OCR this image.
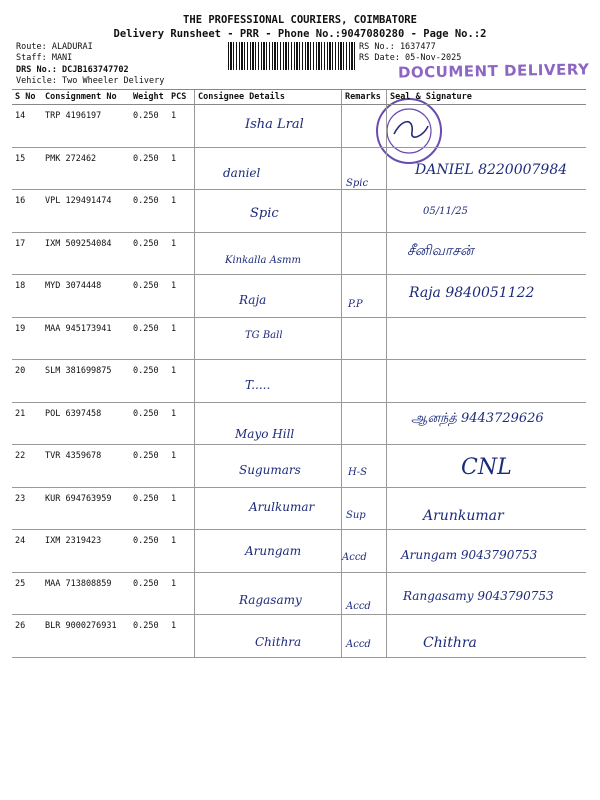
THE PROFESSIONAL COURIERS, COIMBATORE
Delivery Runsheet - PRR - Phone No.:9047080280 - Page No.:2
Route: ALADURAI
Staff: MANI
DRS No.: DCJB163747702
Vehicle: Two Wheeler Delivery
RS No.: 1637477
RS Date: 05-Nov-2025
DOCUMENT DELIVERY
S No	Consignment No	Weight	PCS	Consignee Details	Remarks	Seal & Signature
14	TRP 4196197	0.250	1	Isha Lral		

15	PMK 272462	0.250	1	daniel	Spic	DANIEL 8220007984

16	VPL 129491474	0.250	1	Spic		05/11/25

17	IXM 509254084	0.250	1	Kinkalla Asmm		சீனிவாசன்

18	MYD 3074448	0.250	1	Raja	P.P	Raja 9840051122

19	MAA 945173941	0.250	1	TG Ball		

20	SLM 381699875	0.250	1	T.....		

21	POL 6397458	0.250	1	Mayo Hill		ஆனந்த் 9443729626

22	TVR 4359678	0.250	1	Sugumars	H-S	CNL

23	KUR 694763959	0.250	1	Arulkumar	Sup	Arunkumar

24	IXM 2319423	0.250	1	Arungam	Accd	Arungam 9043790753

25	MAA 713808859	0.250	1	Ragasamy	Accd	Rangasamy 9043790753

26	BLR 9000276931	0.250	1	Chithra	Accd	Chithra
